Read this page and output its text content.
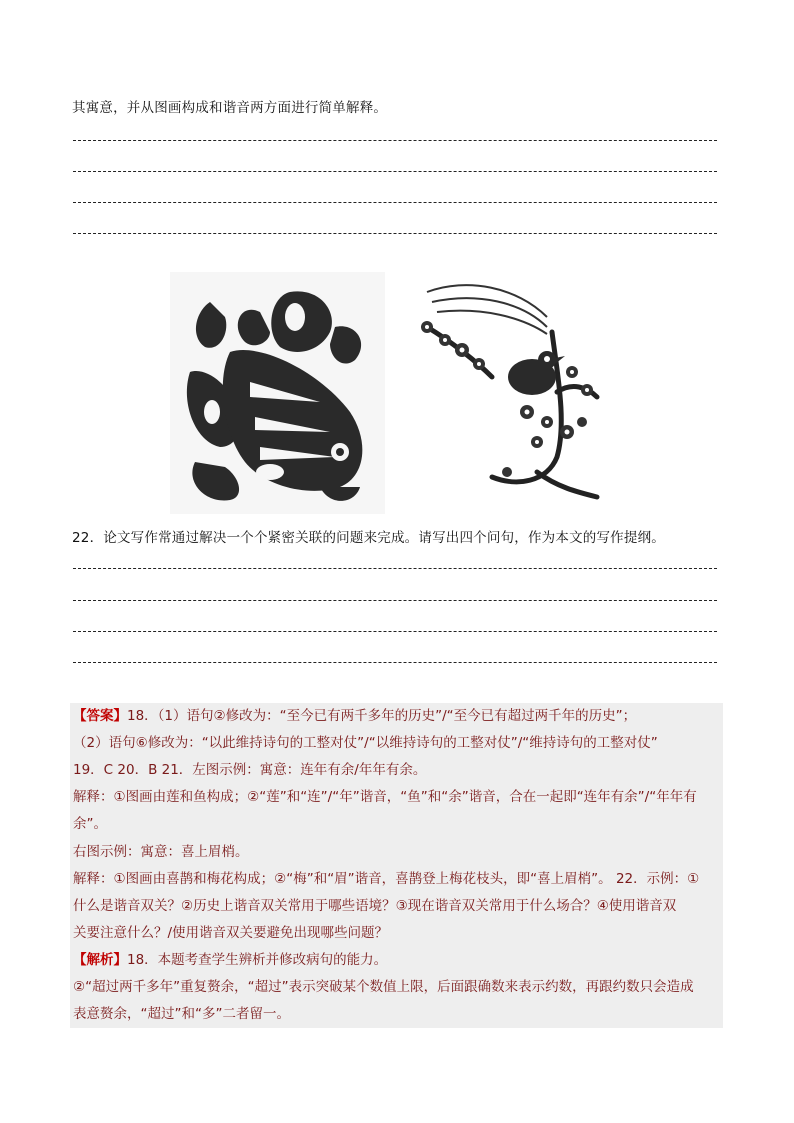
其寓意，并从图画构成和谐音两方面进行简单解释。
22．论文写作常通过解决一个个紧密关联的问题来完成。请写出四个问句，作为本文的写作提纲。
【答案】18．（1）语句②修改为：“至今已有两千多年的历史”/“至今已有超过两千年的历史”；
（2）语句⑥修改为：“以此维持诗句的工整对仗”/“以维持诗句的工整对仗”/“维持诗句的工整对仗”
19．C 20．B 21．左图示例：寓意：连年有余/年年有余。
解释：①图画由莲和鱼构成；②“莲”和“连”/“年”谐音，“鱼”和“余”谐音，合在一起即“连年有余”/“年年有
余”。
右图示例：寓意：喜上眉梢。
解释：①图画由喜鹊和梅花构成；②“梅”和“眉”谐音，喜鹊登上梅花枝头，即“喜上眉梢”。 22．示例：①
什么是谐音双关？②历史上谐音双关常用于哪些语境？③现在谐音双关常用于什么场合？④使用谐音双
关要注意什么？/使用谐音双关要避免出现哪些问题？
【解析】18．本题考查学生辨析并修改病句的能力。
②“超过两千多年”重复赘余，“超过”表示突破某个数值上限，后面跟确数来表示约数，再跟约数只会造成
表意赘余，“超过”和“多”二者留一。
